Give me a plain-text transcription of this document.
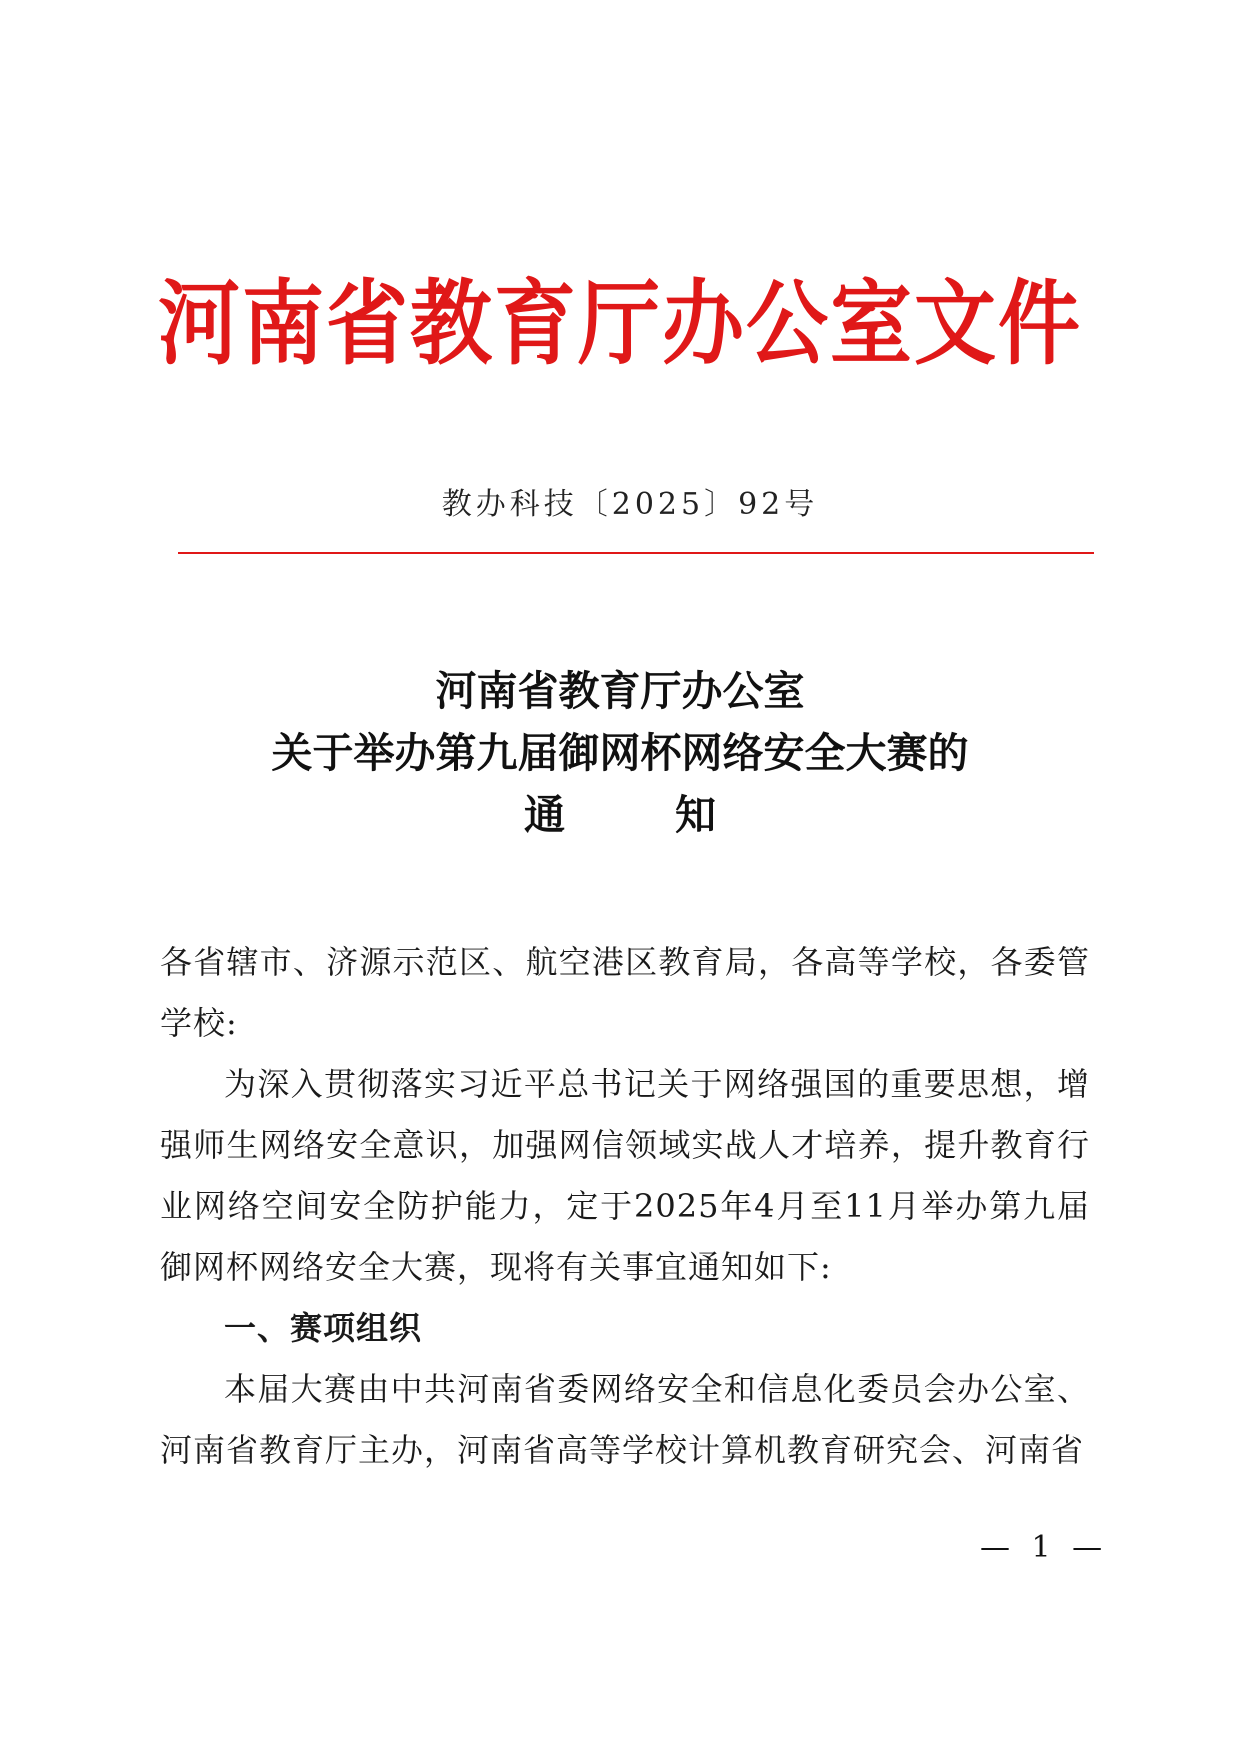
河南省教育厅办公室文件
教办科技〔2025〕92号
河南省教育厅办公室
关于举办第九届御网杯网络安全大赛的
通	知

各省辖市、济源示范区、航空港区教育局，各高等学校，各委管学校:

为深入贯彻落实习近平总书记关于网络强国的重要思想，增强师生网络安全意识，加强网信领域实战人才培养，提升教育行业网络空间安全防护能力，定于2025年4月至11月举办第九届御网杯网络安全大赛，现将有关事宜通知如下:

一、赛项组织

本届大赛由中共河南省委网络安全和信息化委员会办公室、河南省教育厅主办，河南省高等学校计算机教育研究会、河南省

— 1 —
